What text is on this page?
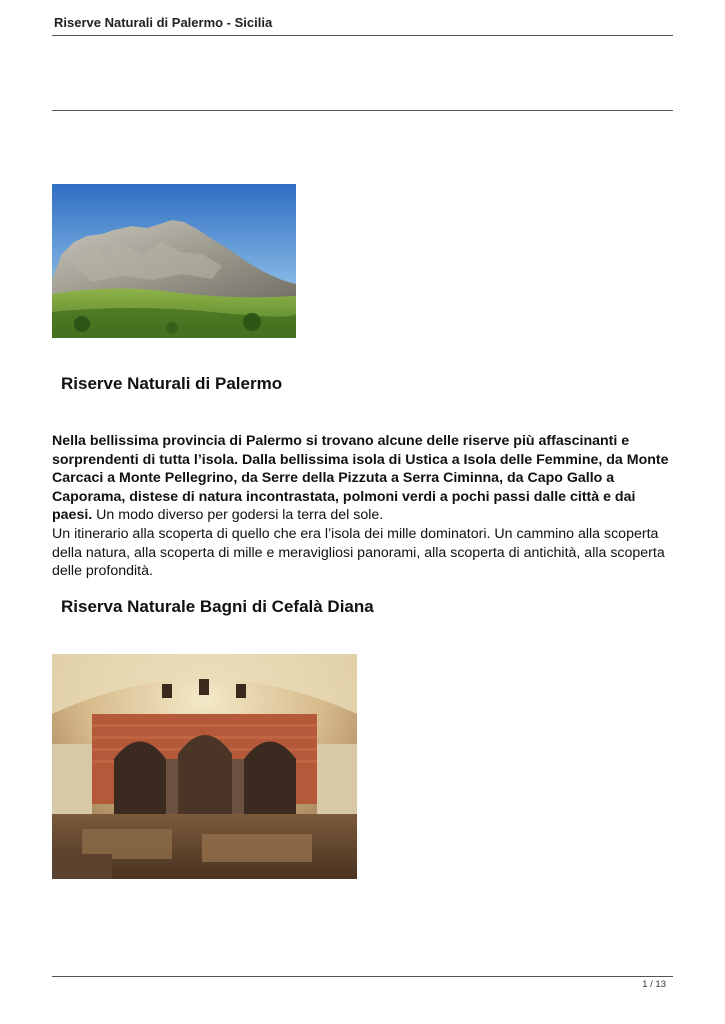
Riserve Naturali di Palermo - Sicilia
Riserve Naturali di Palermo

Nella bellissima provincia di Palermo si trovano alcune delle riserve più affascinanti e sorprendenti di tutta l’isola. Dalla bellissima isola di Ustica a Isola delle Femmine, da Monte Carcaci a Monte Pellegrino, da Serre della Pizzuta a Serra Ciminna, da Capo Gallo a Caporama, distese di natura incontrastata, polmoni verdi a pochi passi dalle città e dai paesi. Un modo diverso per godersi la terra del sole.
Un itinerario alla scoperta di quello che era l’isola dei mille dominatori. Un cammino alla scoperta della natura, alla scoperta di mille e meravigliosi panorami, alla scoperta di antichità, alla scoperta delle profondità.

Riserva Naturale Bagni di Cefalà Diana
1 / 13
